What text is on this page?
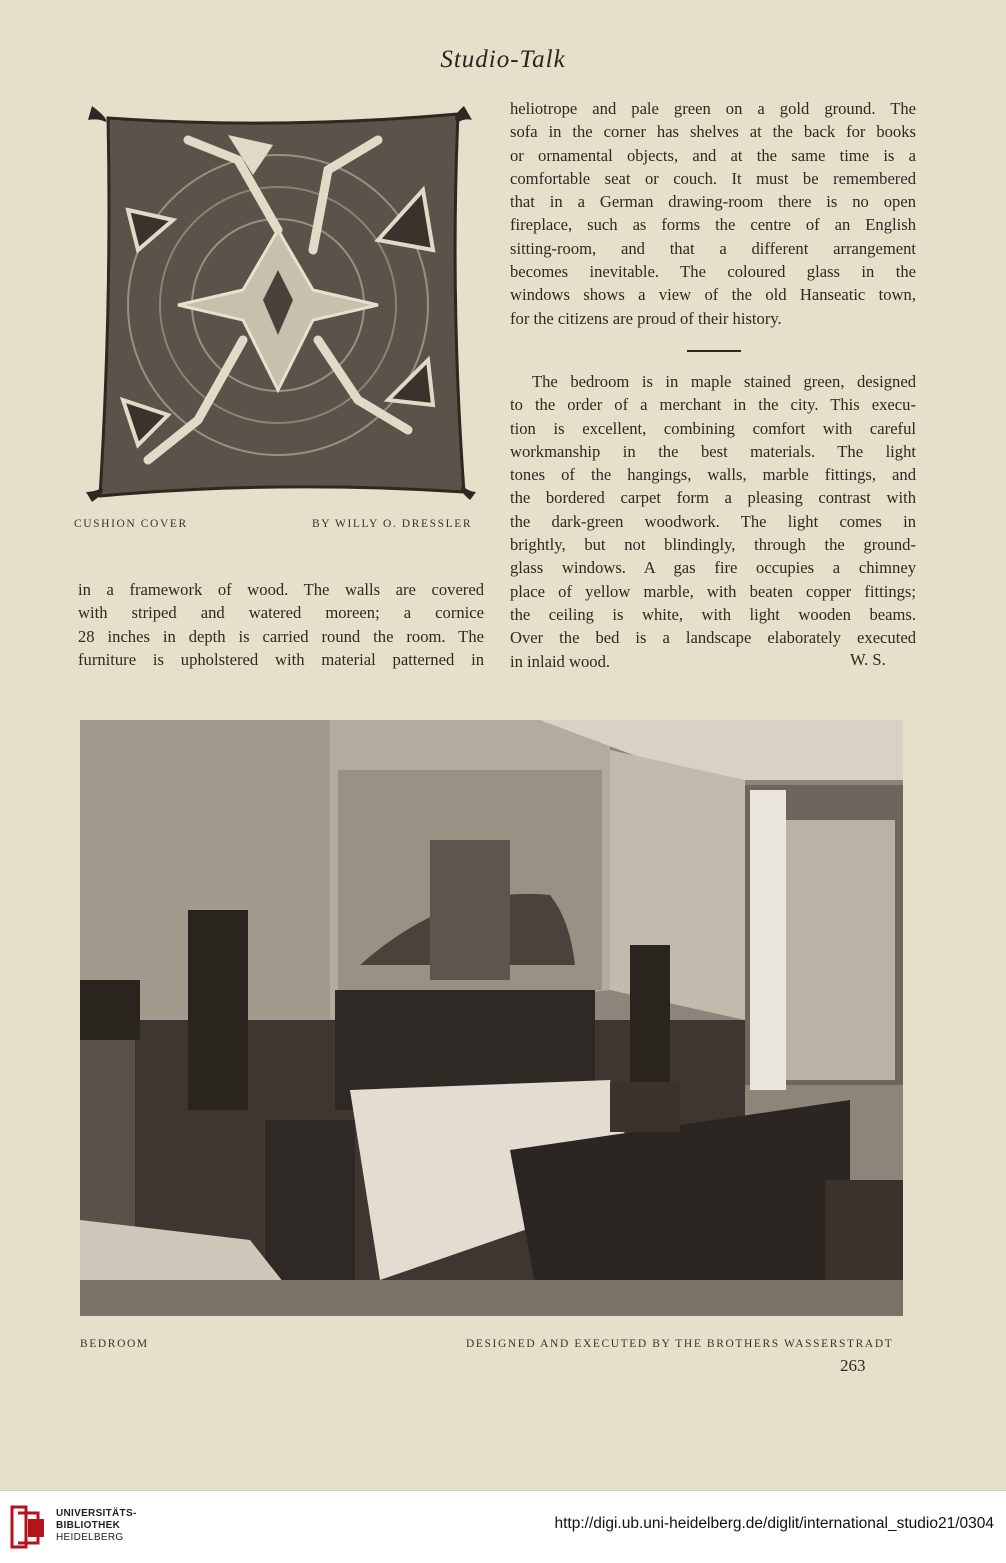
Studio-Talk
CUSHION COVER	BY WILLY O. DRESSLER
heliotrope and pale green on a gold ground. The
sofa in the corner has shelves at the back for books
or ornamental objects, and at the same time is a
comfortable seat or couch. It must be remembered
that in a German drawing-room there is no open
fireplace, such as forms the centre of an English
sitting-room, and that a different arrangement
becomes inevitable. The coloured glass in the
windows shows a view of the old Hanseatic town,
for the citizens are proud of their history.
The bedroom is in maple stained green, designed
to the order of a merchant in the city. This execu-
tion is excellent, combining comfort with careful
workmanship in the best materials. The light
tones of the hangings, walls, marble fittings, and
the bordered carpet form a pleasing contrast with
the dark-green woodwork. The light comes in
brightly, but not blindingly, through the ground-
glass windows. A gas fire occupies a chimney
place of yellow marble, with beaten copper fittings;
the ceiling is white, with light wooden beams.
Over the bed is a landscape elaborately executed
in inlaid wood.	W. S.
in a framework of wood. The walls are covered
with striped and watered moreen; a cornice
28 inches in depth is carried round the room. The
furniture is upholstered with material patterned in
BEDROOM	DESIGNED AND EXECUTED BY THE BROTHERS WASSERSTRADT
263
UNIVERSITÄTS-
BIBLIOTHEK
HEIDELBERG
http://digi.ub.uni-heidelberg.de/diglit/international_studio21/0304
